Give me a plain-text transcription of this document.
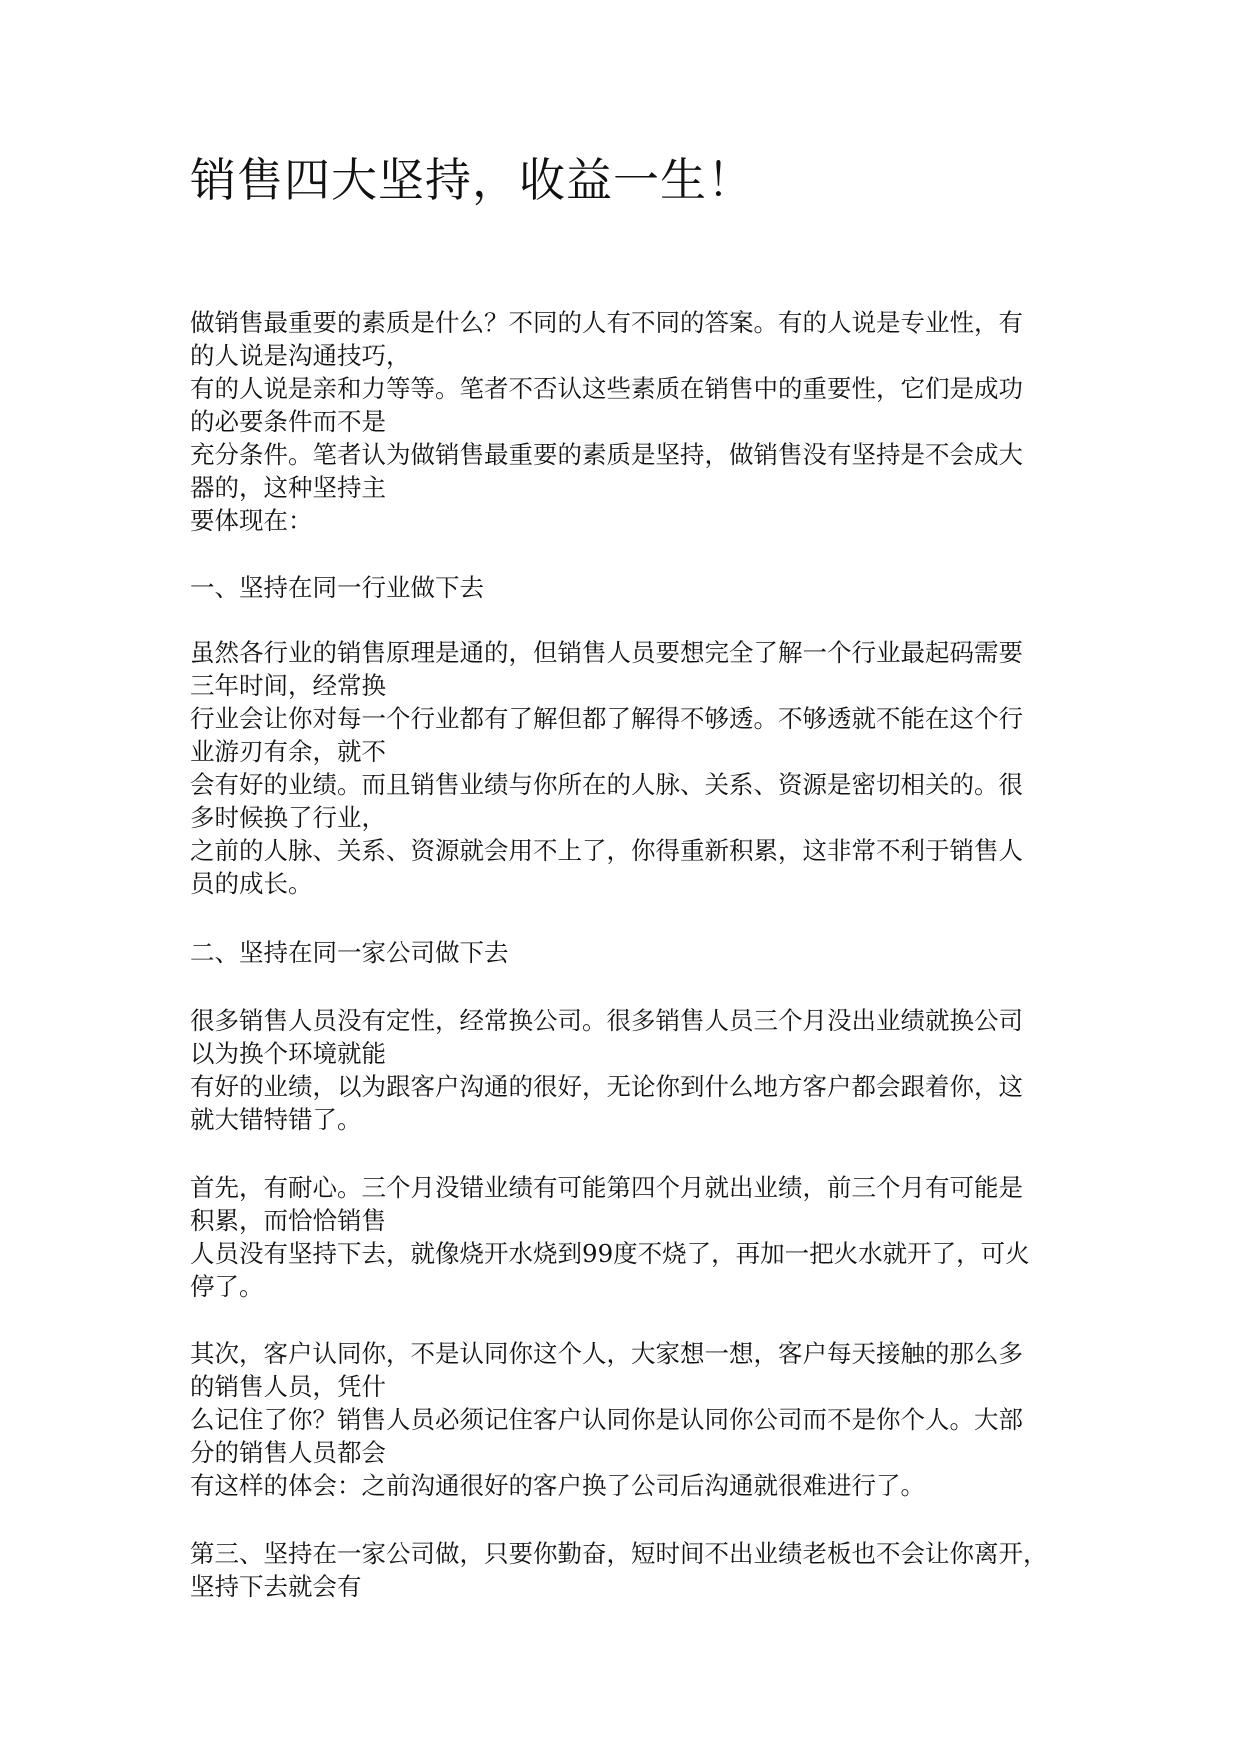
销售四大坚持，收益一生！

做销售最重要的素质是什么？不同的人有不同的答案。有的人说是专业性，有

的人说是沟通技巧，

有的人说是亲和力等等。笔者不否认这些素质在销售中的重要性，它们是成功

的必要条件而不是

充分条件。笔者认为做销售最重要的素质是坚持，做销售没有坚持是不会成大

器的，这种坚持主

要体现在：

一、坚持在同一行业做下去

虽然各行业的销售原理是通的，但销售人员要想完全了解一个行业最起码需要

三年时间，经常换

行业会让你对每一个行业都有了解但都了解得不够透。不够透就不能在这个行

业游刃有余，就不

会有好的业绩。而且销售业绩与你所在的人脉、关系、资源是密切相关的。很

多时候换了行业，

之前的人脉、关系、资源就会用不上了，你得重新积累，这非常不利于销售人

员的成长。

二、坚持在同一家公司做下去

很多销售人员没有定性，经常换公司。很多销售人员三个月没出业绩就换公司

以为换个环境就能

有好的业绩，以为跟客户沟通的很好，无论你到什么地方客户都会跟着你，这

就大错特错了。

首先，有耐心。三个月没错业绩有可能第四个月就出业绩，前三个月有可能是

积累，而恰恰销售

人员没有坚持下去，就像烧开水烧到99度不烧了，再加一把火水就开了，可火

停了。

其次，客户认同你，不是认同你这个人，大家想一想，客户每天接触的那么多

的销售人员，凭什

么记住了你？销售人员必须记住客户认同你是认同你公司而不是你个人。大部

分的销售人员都会

有这样的体会：之前沟通很好的客户换了公司后沟通就很难进行了。

第三、坚持在一家公司做，只要你勤奋，短时间不出业绩老板也不会让你离开，

坚持下去就会有
